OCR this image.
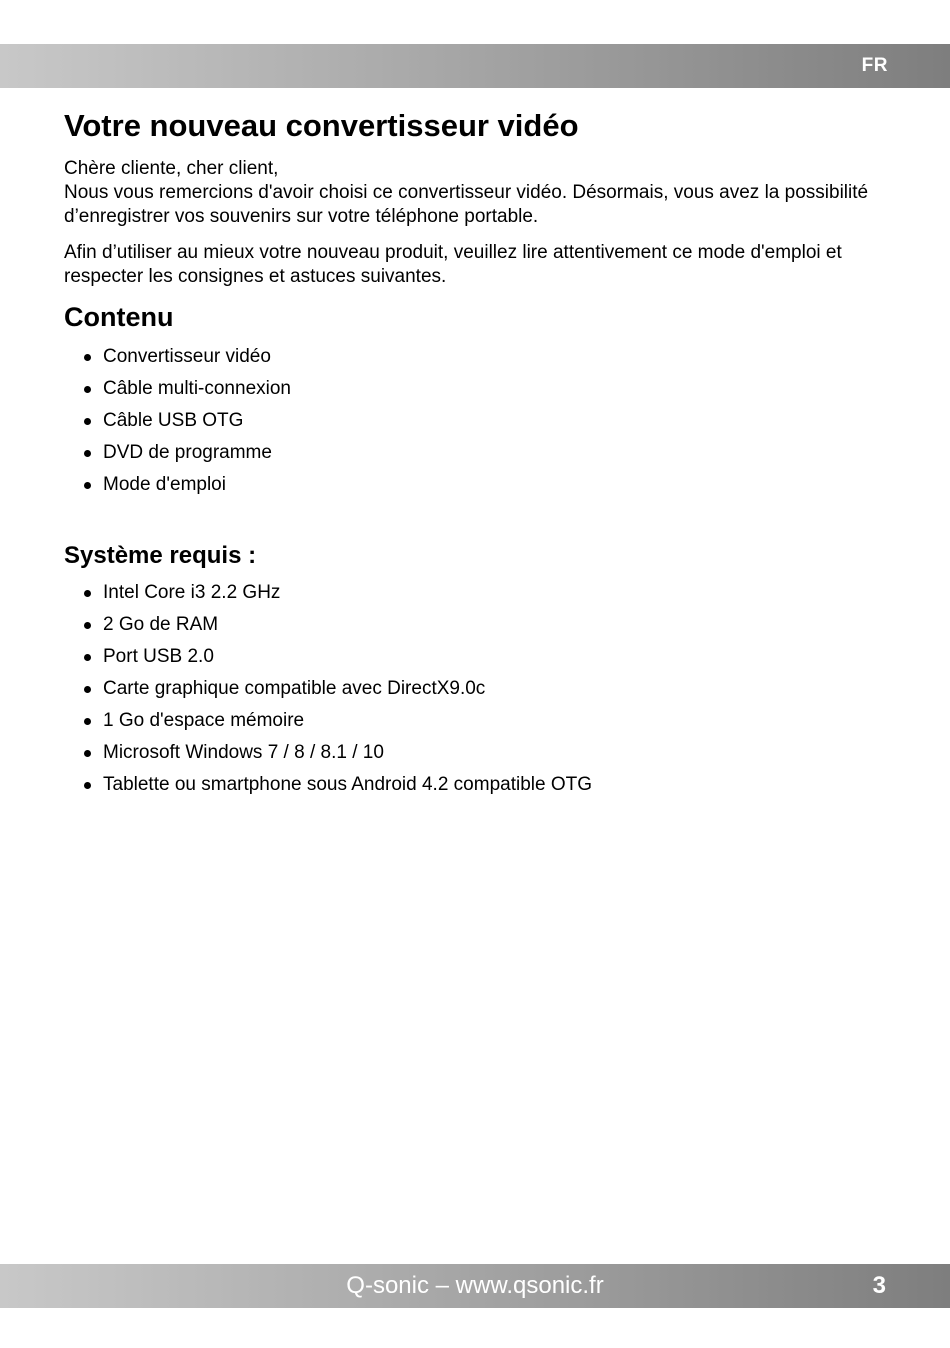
FR
Votre nouveau convertisseur vidéo

Chère cliente, cher client,

Nous vous remercions d'avoir choisi ce convertisseur vidéo. Désormais, vous avez la possibilité d’enregistrer vos souvenirs sur votre téléphone portable.

Afin d’utiliser au mieux votre nouveau produit, veuillez lire attentivement ce mode d'emploi et respecter les consignes et astuces suivantes.

Contenu
Convertisseur vidéo
Câble multi-connexion
Câble USB OTG
DVD de programme
Mode d'emploi
Système requis :
Intel Core i3 2.2 GHz
2 Go de RAM
Port USB 2.0
Carte graphique compatible avec DirectX9.0c
1 Go d'espace mémoire
Microsoft Windows 7 / 8 / 8.1 / 10
Tablette ou smartphone sous Android 4.2 compatible OTG
Q-sonic – www.qsonic.fr	3
